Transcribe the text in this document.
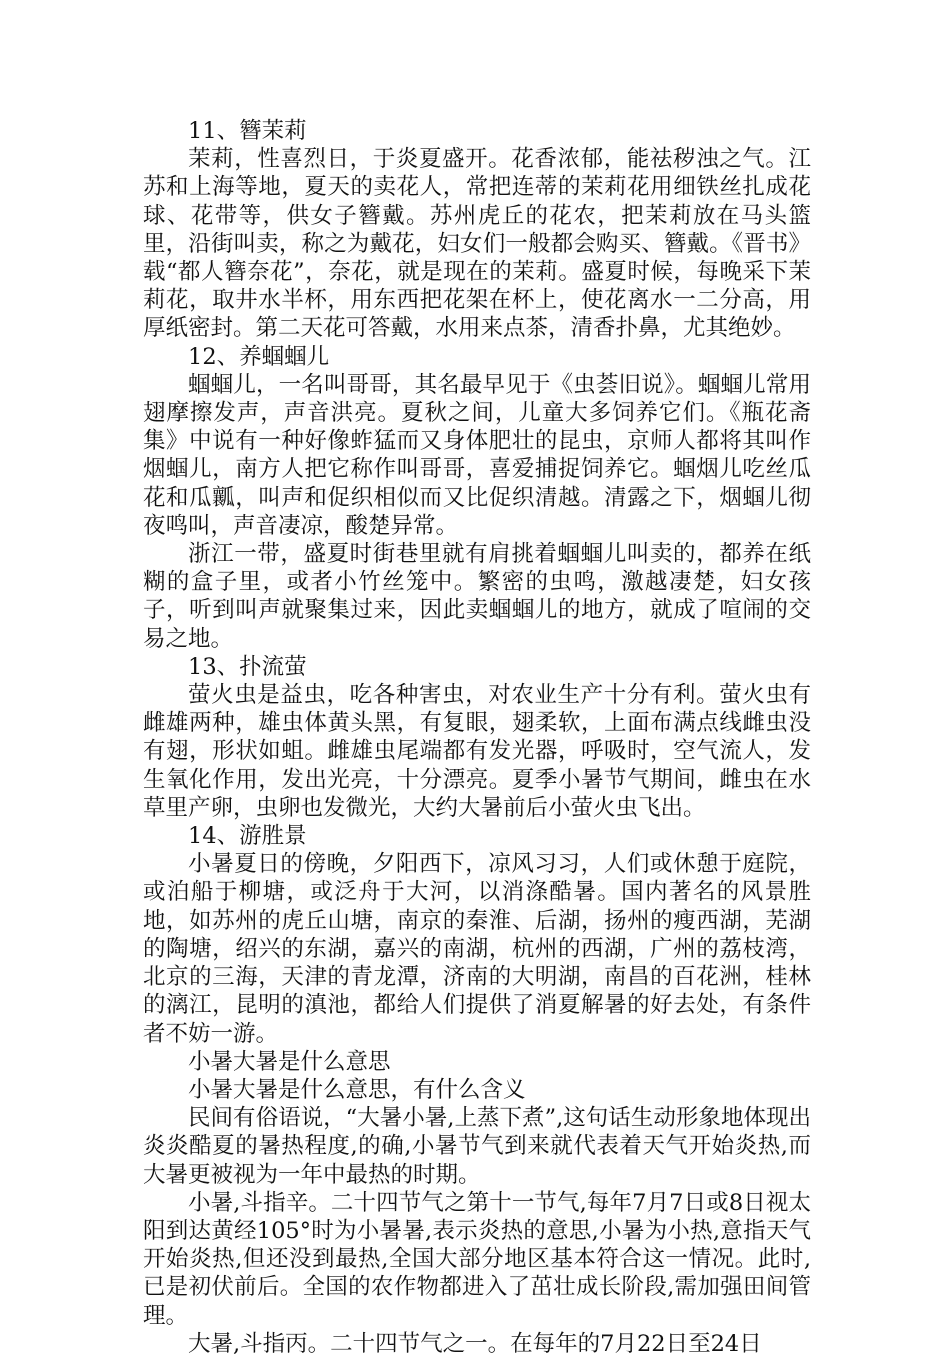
11、簪茉莉

茉莉，性喜烈日，于炎夏盛开。花香浓郁，能祛秽浊之气。江苏和上海等地，夏天的卖花人，常把连蒂的茉莉花用细铁丝扎成花球、花带等，供女子簪戴。苏州虎丘的花农，把茉莉放在马头篮里，沿街叫卖，称之为戴花，妇女们一般都会购买、簪戴。《晋书》载“都人簪奈花”，奈花，就是现在的茉莉。盛夏时候，每晚采下茉莉花，取井水半杯，用东西把花架在杯上，使花离水一二分高，用厚纸密封。第二天花可答戴，水用来点茶，清香扑鼻，尤其绝妙。

12、养蝈蝈儿

蝈蝈儿，一名叫哥哥，其名最早见于《虫荟旧说》。蝈蝈儿常用翅摩擦发声，声音洪亮。夏秋之间，儿童大多饲养它们。《瓶花斋集》中说有一种好像蚱猛而又身体肥壮的昆虫，京师人都将其叫作烟蝈儿，南方人把它称作叫哥哥，喜爱捕捉饲养它。蝈烟儿吃丝瓜花和瓜瓤，叫声和促织相似而又比促织清越。清露之下，烟蝈儿彻夜鸣叫，声音凄凉，酸楚异常。

浙江一带，盛夏时街巷里就有肩挑着蝈蝈儿叫卖的，都养在纸糊的盒子里，或者小竹丝笼中。繁密的虫鸣，激越凄楚，妇女孩子，听到叫声就聚集过来，因此卖蝈蝈儿的地方，就成了喧闹的交易之地。

13、扑流萤

萤火虫是益虫，吃各种害虫，对农业生产十分有利。萤火虫有雌雄两种，雄虫体黄头黑，有复眼，翅柔软，上面布满点线雌虫没有翅，形状如蛆。雌雄虫尾端都有发光器，呼吸时，空气流人，发生氧化作用，发出光亮，十分漂亮。夏季小暑节气期间，雌虫在水草里产卵，虫卵也发微光，大约大暑前后小萤火虫飞出。

14、游胜景

小暑夏日的傍晚，夕阳西下，凉风习习，人们或休憩于庭院，或泊船于柳塘，或泛舟于大河，以消涤酷暑。国内著名的风景胜地，如苏州的虎丘山塘，南京的秦淮、后湖，扬州的瘦西湖，芜湖的陶塘，绍兴的东湖，嘉兴的南湖，杭州的西湖，广州的荔枝湾，北京的三海，天津的青龙潭，济南的大明湖，南昌的百花洲，桂林的漓江，昆明的滇池，都给人们提供了消夏解暑的好去处，有条件者不妨一游。

小暑大暑是什么意思

小暑大暑是什么意思，有什么含义

民间有俗语说，“大暑小暑,上蒸下煮”,这句话生动形象地体现出炎炎酷夏的暑热程度,的确,小暑节气到来就代表着天气开始炎热,而大暑更被视为一年中最热的时期。

小暑,斗指辛。二十四节气之第十一节气,每年7月7日或8日视太阳到达黄经105°时为小暑暑,表示炎热的意思,小暑为小热,意指天气开始炎热,但还没到最热,全国大部分地区基本符合这一情况。此时,已是初伏前后。全国的农作物都进入了茁壮成长阶段,需加强田间管理。

大暑,斗指丙。二十四节气之一。在每年的7月22日至24日
